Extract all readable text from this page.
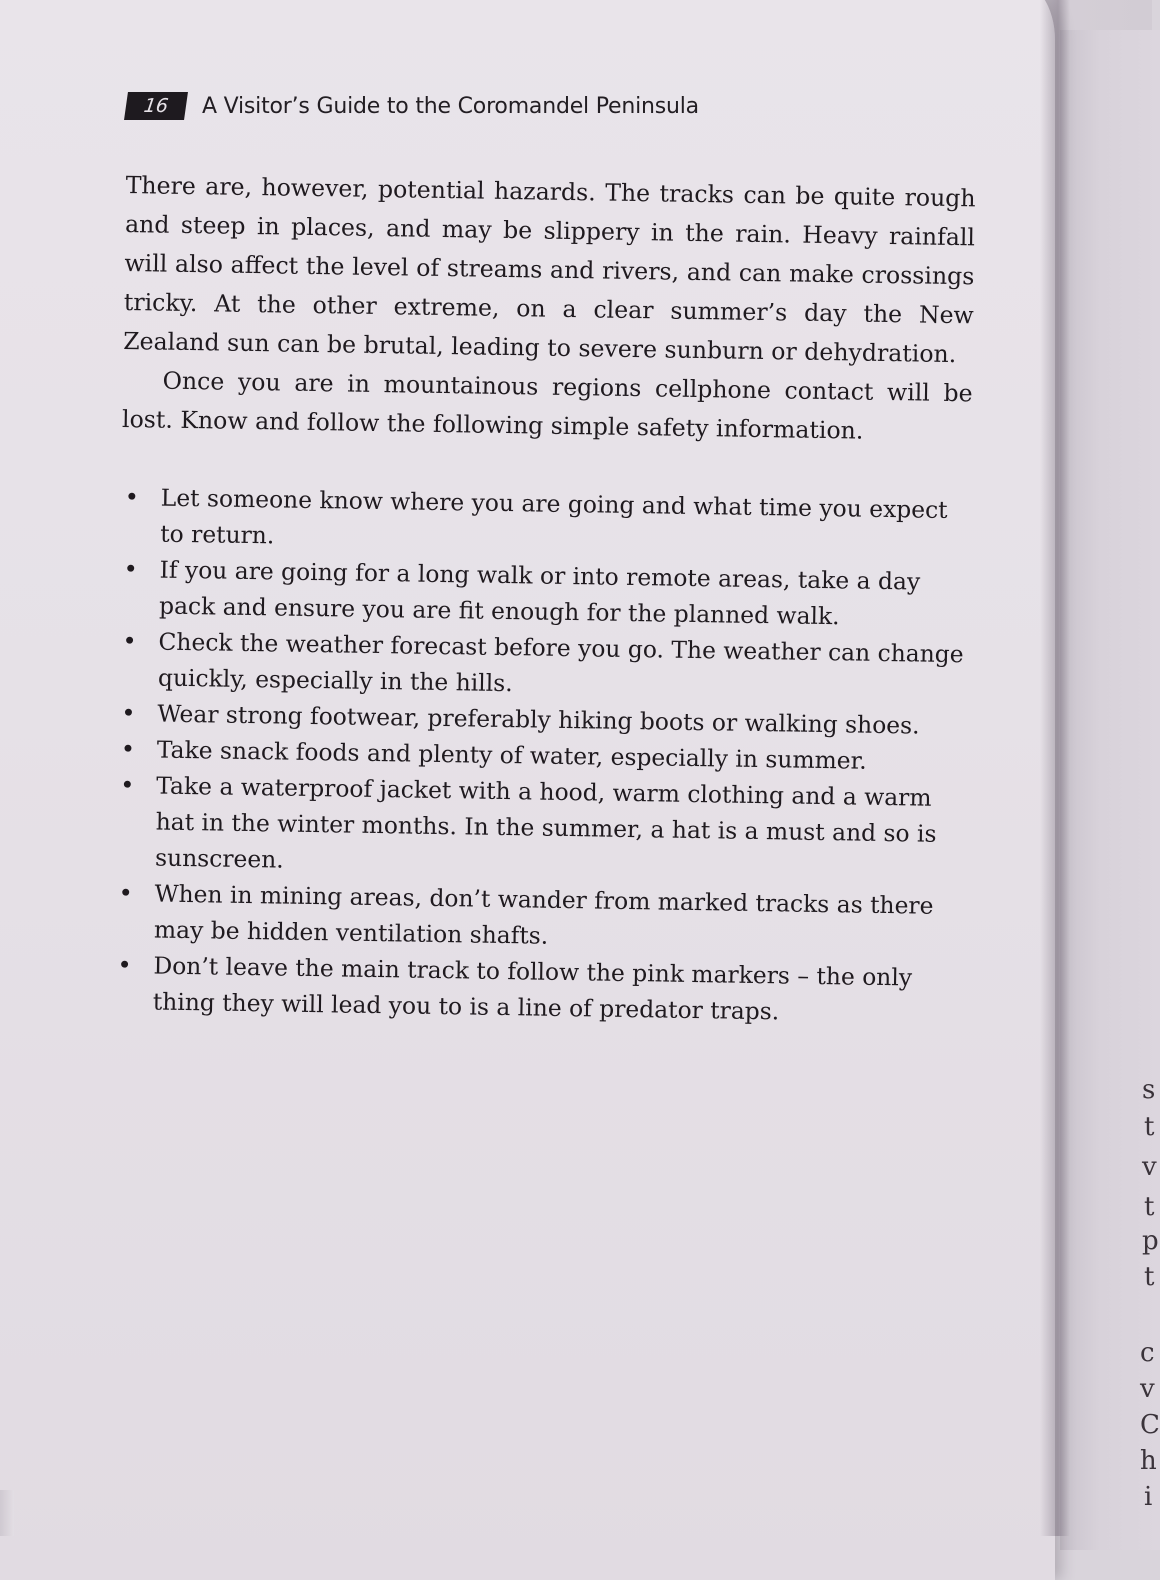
s
t
v
t
p
t
c
v
C
h
i
16	A Visitor’s Guide to the Coromandel Peninsula

There are, however, potential hazards. The tracks can be quite rough and steep in places, and may be slippery in the rain. Heavy rainfall will also affect the level of streams and rivers, and can make crossings tricky. At the other extreme, on a clear summer’s day the New Zealand sun can be brutal, leading to severe sunburn or dehydration.

Once you are in mountainous regions cellphone contact will be lost. Know and follow the following simple safety information.

• Let someone know where you are going and what time you expect to return.
• If you are going for a long walk or into remote areas, take a day pack and ensure you are fit enough for the planned walk.
• Check the weather forecast before you go. The weather can change quickly, especially in the hills.
• Wear strong footwear, preferably hiking boots or walking shoes.
• Take snack foods and plenty of water, especially in summer.
• Take a waterproof jacket with a hood, warm clothing and a warm hat in the winter months. In the summer, a hat is a must and so is sunscreen.
• When in mining areas, don’t wander from marked tracks as there may be hidden ventilation shafts.
• Don’t leave the main track to follow the pink markers – the only thing they will lead you to is a line of predator traps.
